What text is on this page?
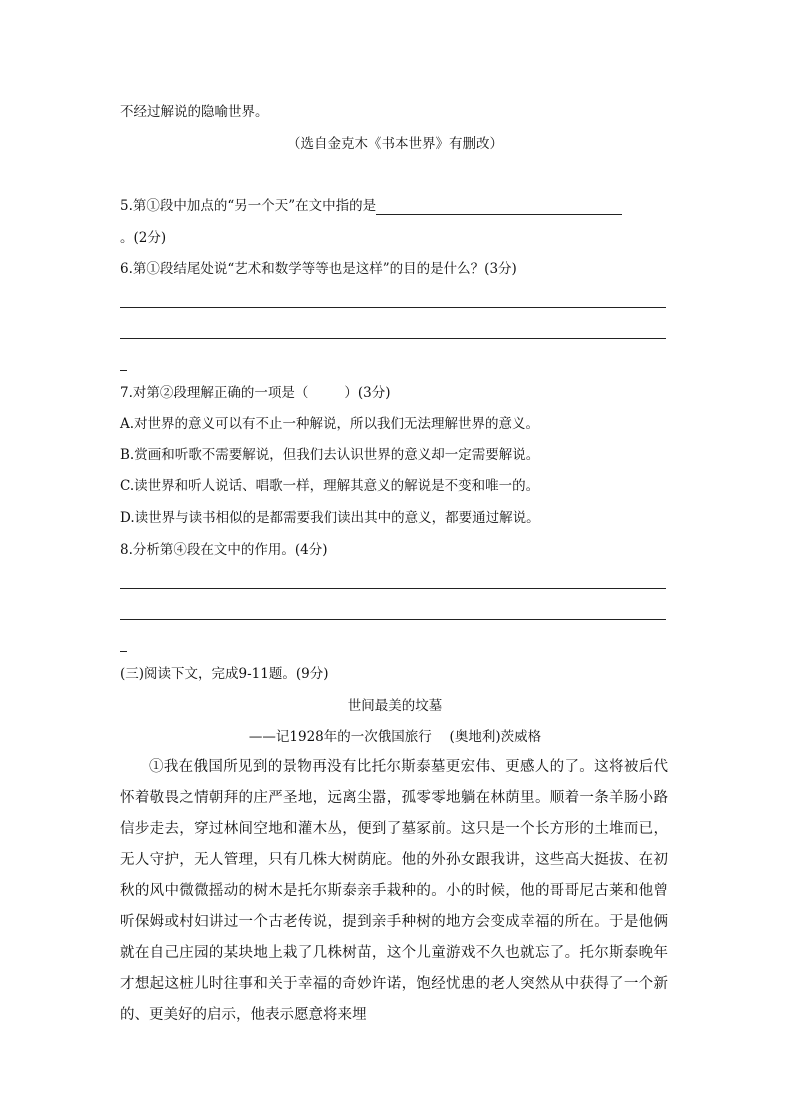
不经过解说的隐喻世界。
（选自金克木《书本世界》有删改）
5.第①段中加点的“另一个天”在文中指的是
。(2分)
6.第①段结尾处说“艺术和数学等等也是这样”的目的是什么？(3分)
7.对第②段理解正确的一项是（	）(3分)
A.对世界的意义可以有不止一种解说，所以我们无法理解世界的意义。
B.赏画和听歌不需要解说，但我们去认识世界的意义却一定需要解说。
C.读世界和听人说话、唱歌一样，理解其意义的解说是不变和唯一的。
D.读世界与读书相似的是都需要我们读出其中的意义，都要通过解说。
8.分析第④段在文中的作用。(4分)
(三)阅读下文，完成9-11题。(9分)
世间最美的坟墓
——记1928年的一次俄国旅行　 (奥地利)茨威格

①我在俄国所见到的景物再没有比托尔斯泰墓更宏伟、更感人的了。这将被后代怀着敬畏之情朝拜的庄严圣地，远离尘嚣，孤零零地躺在林荫里。顺着一条羊肠小路信步走去，穿过林间空地和灌木丛，便到了墓冢前。这只是一个长方形的土堆而已，无人守护，无人管理，只有几株大树荫庇。他的外孙女跟我讲，这些高大挺拔、在初秋的风中微微摇动的树木是托尔斯泰亲手栽种的。小的时候，他的哥哥尼古莱和他曾听保姆或村妇讲过一个古老传说，提到亲手种树的地方会变成幸福的所在。于是他俩就在自己庄园的某块地上栽了几株树苗，这个儿童游戏不久也就忘了。托尔斯泰晚年才想起这桩儿时往事和关于幸福的奇妙许诺，饱经忧患的老人突然从中获得了一个新的、更美好的启示，他表示愿意将来埋
